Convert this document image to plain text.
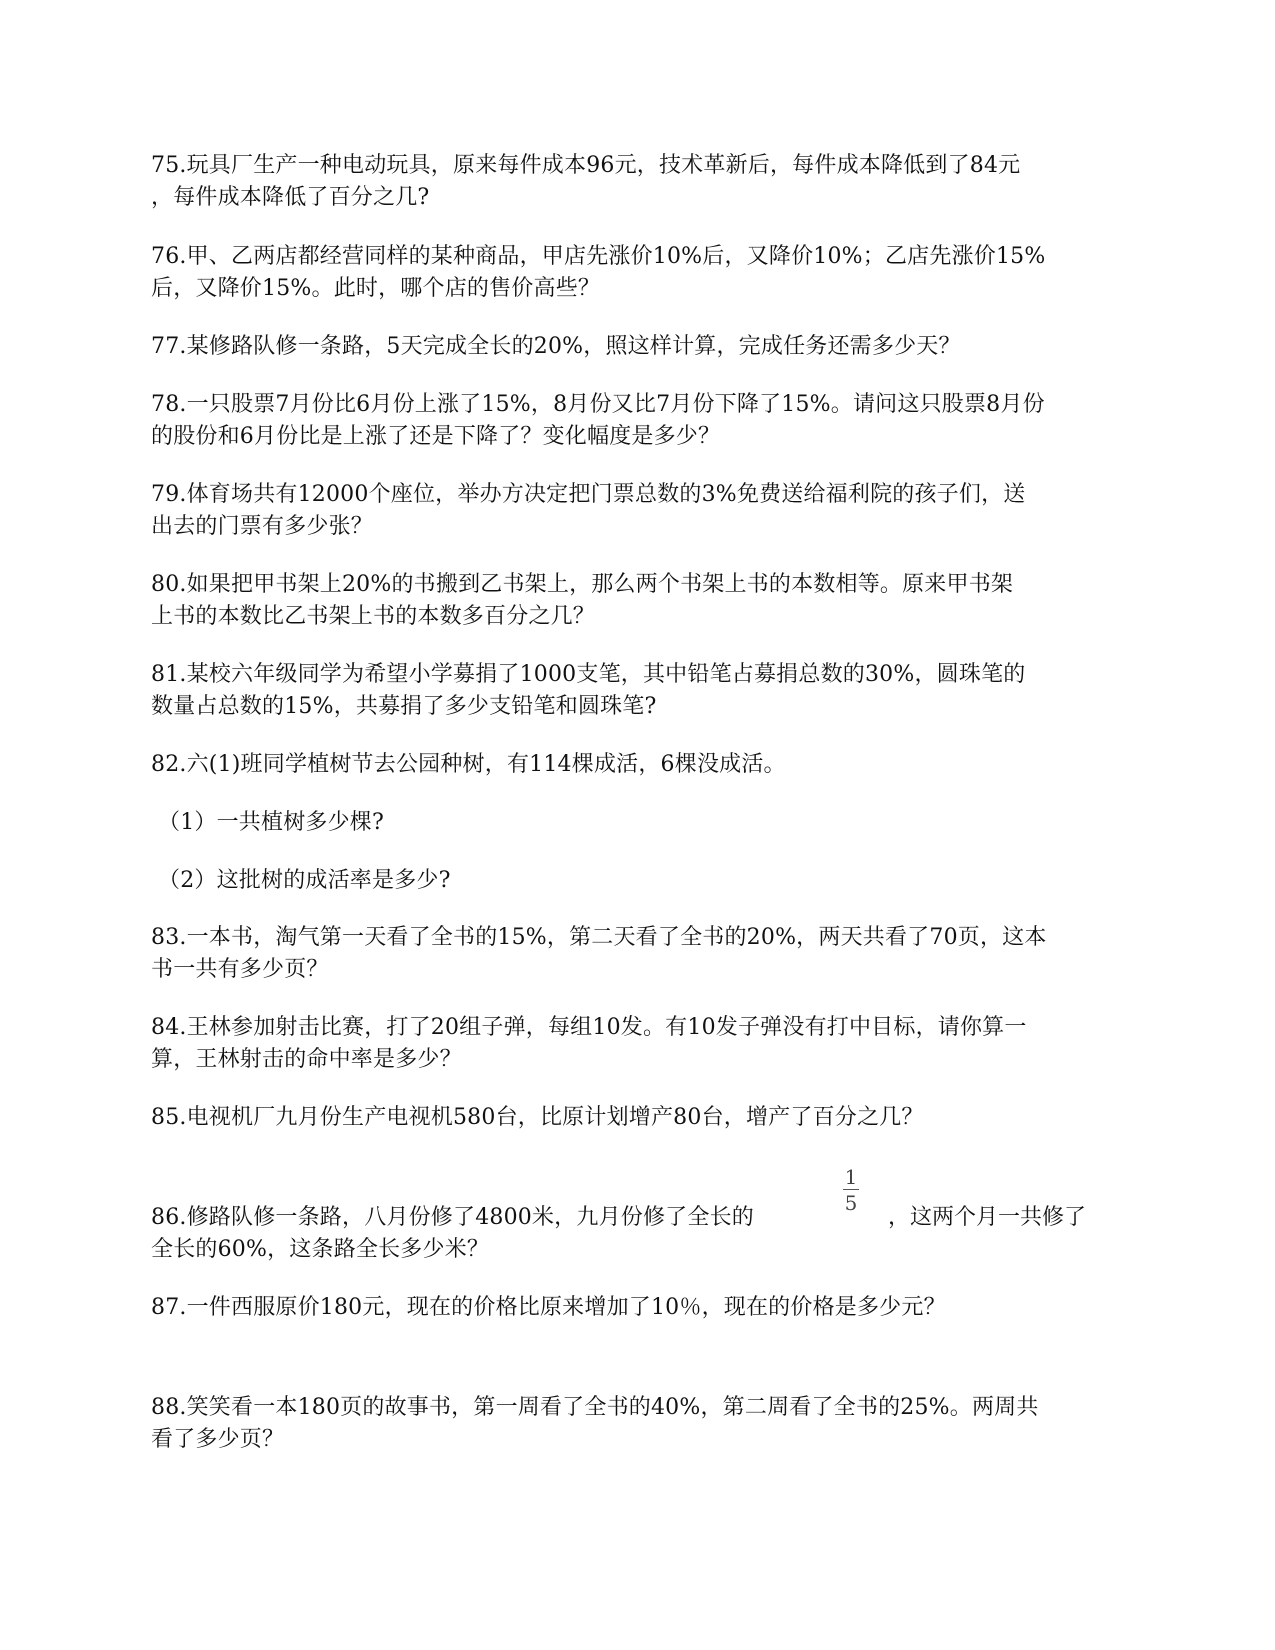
75.玩具厂生产一种电动玩具，原来每件成本96元，技术革新后，每件成本降低到了84元
，每件成本降低了百分之几?
76.甲、乙两店都经营同样的某种商品，甲店先涨价10%后，又降价10%；乙店先涨价15%
后，又降价15%。此时，哪个店的售价高些？
77.某修路队修一条路，5天完成全长的20%，照这样计算，完成任务还需多少天？
78.一只股票7月份比6月份上涨了15%，8月份又比7月份下降了15%。请问这只股票8月份
的股份和6月份比是上涨了还是下降了？变化幅度是多少？
79.体育场共有12000个座位，举办方决定把门票总数的3%免费送给福利院的孩子们，送
出去的门票有多少张？
80.如果把甲书架上20%的书搬到乙书架上，那么两个书架上书的本数相等。原来甲书架
上书的本数比乙书架上书的本数多百分之几？
81.某校六年级同学为希望小学募捐了1000支笔，其中铅笔占募捐总数的30%，圆珠笔的
数量占总数的15%，共募捐了多少支铅笔和圆珠笔?
82.六(1)班同学植树节去公园种树，有114棵成活，6棵没成活。
（1）一共植树多少棵?
（2）这批树的成活率是多少?
83.一本书，淘气第一天看了全书的15%，第二天看了全书的20%，两天共看了70页，这本
书一共有多少页？
84.王林参加射击比赛，打了20组子弹，每组10发。有10发子弹没有打中目标，请你算一
算，王林射击的命中率是多少？
85.电视机厂九月份生产电视机580台，比原计划增产80台，增产了百分之几？
86.修路队修一条路，八月份修了4800米，九月份修了全长的
1
5
，这两个月一共修了
全长的60%，这条路全长多少米？
87.一件西服原价180元，现在的价格比原来增加了10％，现在的价格是多少元？
88.笑笑看一本180页的故事书，第一周看了全书的40%，第二周看了全书的25%。两周共
看了多少页？
